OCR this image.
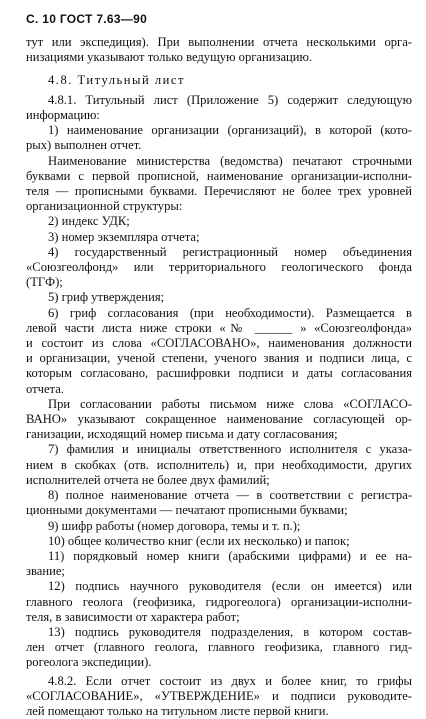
С. 10 ГОСТ 7.63—90
тут или экспедиция). При выполнении отчета несколькими орга-
низациями указывают только ведущую организацию.
4.8. Титульный лист
4.8.1. Титульный лист (Приложение 5) содержит следующую
информацию:
1) наименование организации (организаций), в которой (кото-
рых) выполнен отчет.
Наименование министерства (ведомства) печатают строчными
буквами с первой прописной, наименование организации-исполни-
теля — прописными буквами. Перечисляют не более трех уровней
организационной структуры:
2) индекс УДК;
3) номер экземпляра отчета;
4) государственный регистрационный номер объединения
«Союзгеолфонд» или территориального геологического фонда
(ТГФ);
5) гриф утверждения;
6) гриф согласования (при необходимости). Размещается в
левой части листа ниже строки «№ ______ » «Союзгеолфонда»
и состоит из слова «СОГЛАСОВАНО», наименования должности
и организации, ученой степени, ученого звания и подписи лица, с
которым согласовано, расшифровки подписи и даты согласования
отчета.
При согласовании работы письмом ниже слова «СОГЛАСО-
ВАНО» указывают сокращенное наименование согласующей ор-
ганизации, исходящий номер письма и дату согласования;
7) фамилия и инициалы ответственного исполнителя с указа-
нием в скобках (отв. исполнитель) и, при необходимости, других
исполнителей отчета не более двух фамилий;
8) полное наименование отчета — в соответствии с регистра-
ционными документами — печатают прописными буквами;
9) шифр работы (номер договора, темы и т. п.);
10) общее количество книг (если их несколько) и папок;
11) порядковый номер книги (арабскими цифрами) и ее на-
звание;
12) подпись научного руководителя (если он имеется) или
главного геолога (геофизика, гидрогеолога) организации-исполни-
теля, в зависимости от характера работ;
13) подпись руководителя подразделения, в котором состав-
лен отчет (главного геолога, главного геофизика, главного гид-
рогеолога экспедиции).
4.8.2. Если отчет состоит из двух и более книг, то грифы
«СОГЛАСОВАНИЕ», «УТВЕРЖДЕНИЕ» и подписи руководите-
лей помещают только на титульном листе первой книги.
